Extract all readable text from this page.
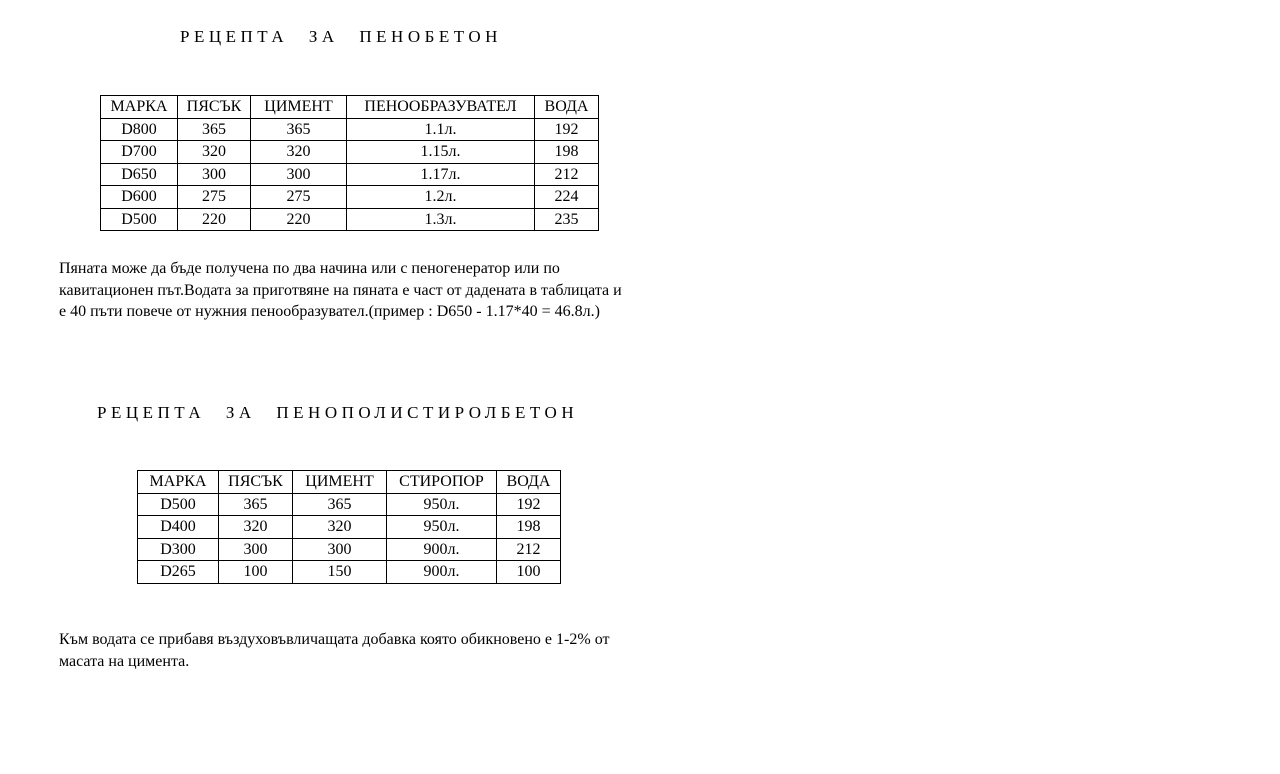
РЕЦЕПТА ЗА ПЕНОБЕТОН
МАРКА	ПЯСЪК	ЦИМЕНТ	ПЕНООБРАЗУВАТЕЛ	ВОДА
D800	365	365	1.1л.	192
D700	320	320	1.15л.	198
D650	300	300	1.17л.	212
D600	275	275	1.2л.	224
D500	220	220	1.3л.	235

Пяната може да бъде получена по два начина или с пеногенератор или по
кавитационен път.Водата за приготвяне на пяната е част от дадената в таблицата и
е 40 пъти повече от нужния пенообразувател.(пример : D650 - 1.17*40 = 46.8л.)

РЕЦЕПТА ЗА ПЕНОПОЛИСТИРОЛБЕТОН
МАРКА	ПЯСЪК	ЦИМЕНТ	СТИРОПОР	ВОДА
D500	365	365	950л.	192
D400	320	320	950л.	198
D300	300	300	900л.	212
D265	100	150	900л.	100

Към водата се прибавя въздуховъвличащата добавка която обикновено е 1-2% от
масата на цимента.
